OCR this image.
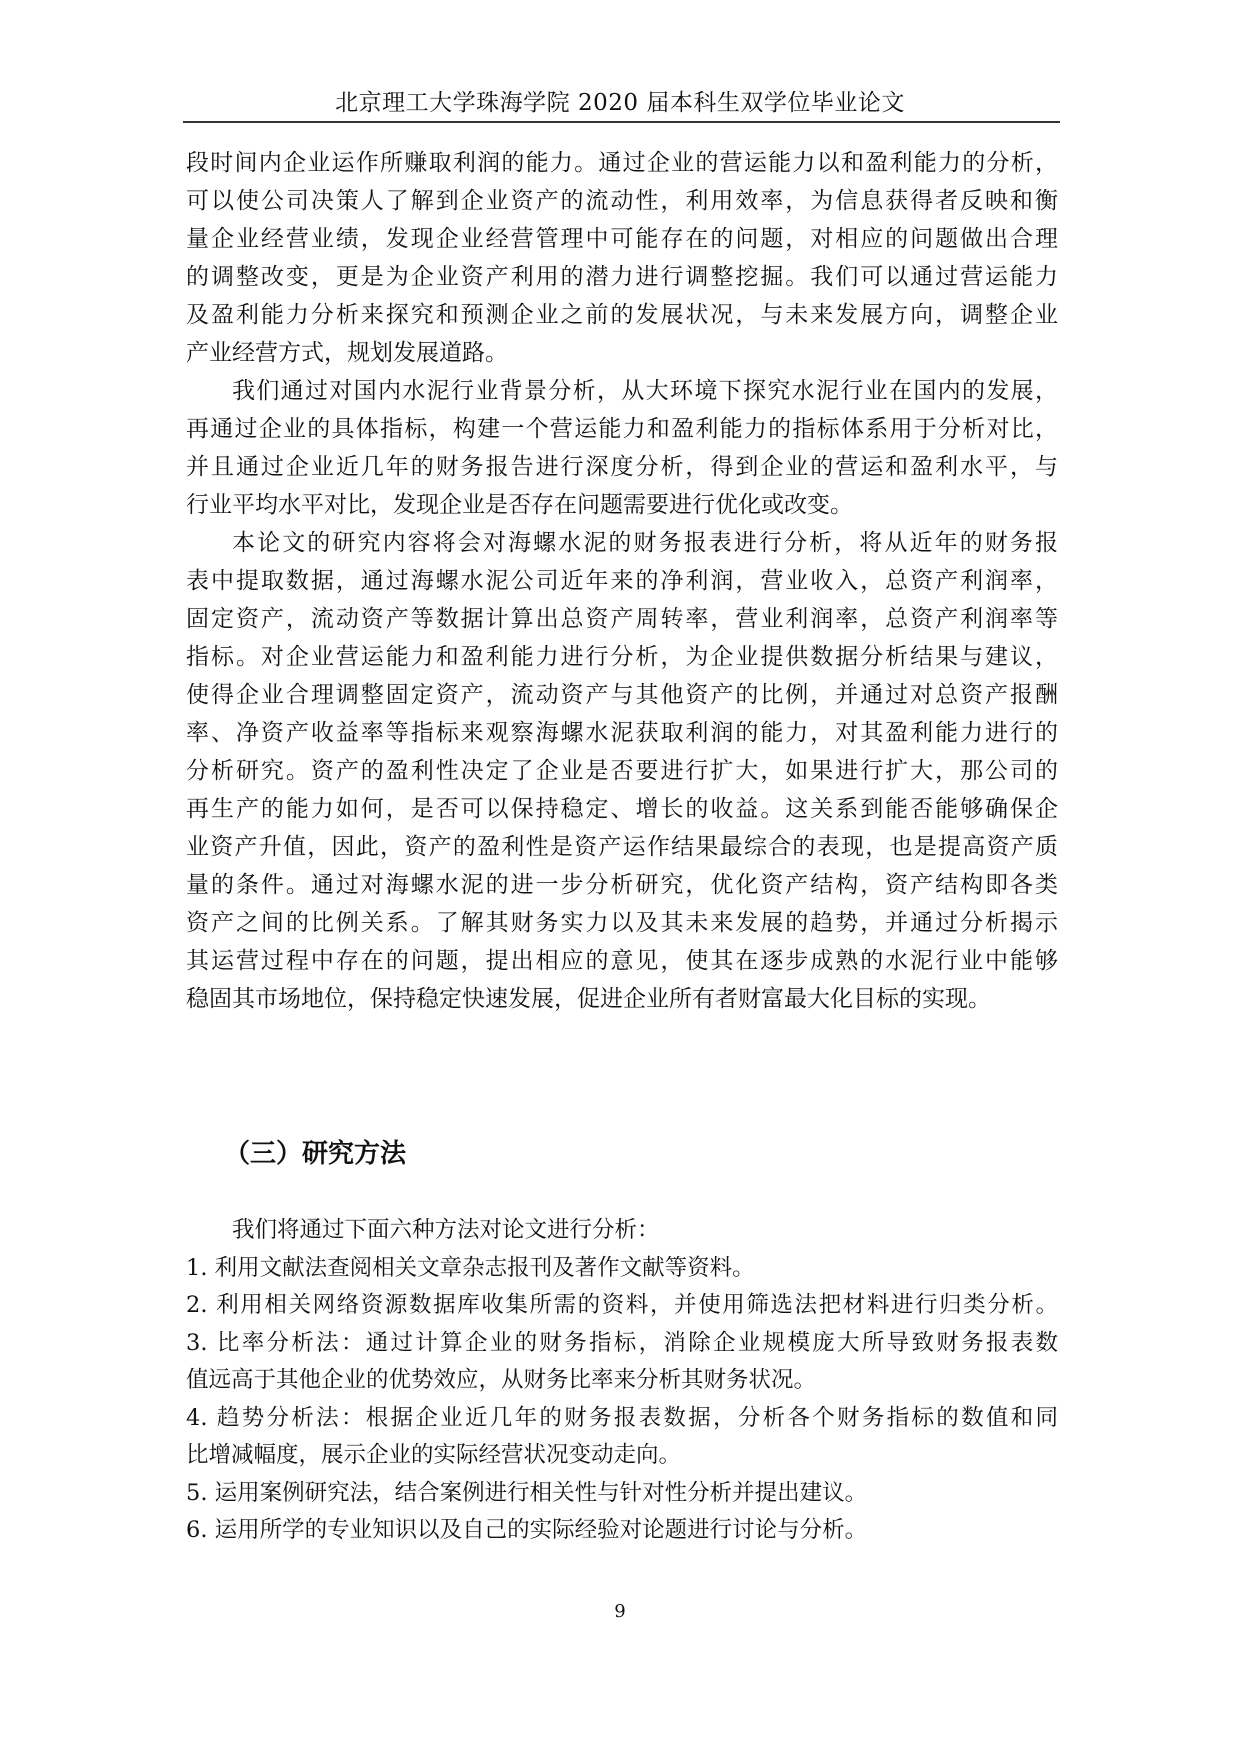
北京理工大学珠海学院 2020 届本科生双学位毕业论文
段时间内企业运作所赚取利润的能力。通过企业的营运能力以和盈利能力的分析，
可以使公司决策人了解到企业资产的流动性，利用效率，为信息获得者反映和衡
量企业经营业绩，发现企业经营管理中可能存在的问题，对相应的问题做出合理
的调整改变，更是为企业资产利用的潜力进行调整挖掘。我们可以通过营运能力
及盈利能力分析来探究和预测企业之前的发展状况，与未来发展方向，调整企业
产业经营方式，规划发展道路。
我们通过对国内水泥行业背景分析，从大环境下探究水泥行业在国内的发展，
再通过企业的具体指标，构建一个营运能力和盈利能力的指标体系用于分析对比，
并且通过企业近几年的财务报告进行深度分析，得到企业的营运和盈利水平，与
行业平均水平对比，发现企业是否存在问题需要进行优化或改变。
本论文的研究内容将会对海螺水泥的财务报表进行分析，将从近年的财务报
表中提取数据，通过海螺水泥公司近年来的净利润，营业收入，总资产利润率，
固定资产，流动资产等数据计算出总资产周转率，营业利润率，总资产利润率等
指标。对企业营运能力和盈利能力进行分析，为企业提供数据分析结果与建议，
使得企业合理调整固定资产，流动资产与其他资产的比例，并通过对总资产报酬
率、净资产收益率等指标来观察海螺水泥获取利润的能力，对其盈利能力进行的
分析研究。资产的盈利性决定了企业是否要进行扩大，如果进行扩大，那公司的
再生产的能力如何，是否可以保持稳定、增长的收益。这关系到能否能够确保企
业资产升值，因此，资产的盈利性是资产运作结果最综合的表现，也是提高资产质
量的条件。通过对海螺水泥的进一步分析研究，优化资产结构，资产结构即各类
资产之间的比例关系。了解其财务实力以及其未来发展的趋势，并通过分析揭示
其运营过程中存在的问题，提出相应的意见，使其在逐步成熟的水泥行业中能够
稳固其市场地位，保持稳定快速发展，促进企业所有者财富最大化目标的实现。
（三）研究方法
我们将通过下面六种方法对论文进行分析：
1. 利用文献法查阅相关文章杂志报刊及著作文献等资料。
2. 利用相关网络资源数据库收集所需的资料，并使用筛选法把材料进行归类分析。
3. 比率分析法：通过计算企业的财务指标，消除企业规模庞大所导致财务报表数
值远高于其他企业的优势效应，从财务比率来分析其财务状况。
4. 趋势分析法：根据企业近几年的财务报表数据，分析各个财务指标的数值和同
比增减幅度，展示企业的实际经营状况变动走向。
5. 运用案例研究法，结合案例进行相关性与针对性分析并提出建议。
6. 运用所学的专业知识以及自己的实际经验对论题进行讨论与分析。
9
